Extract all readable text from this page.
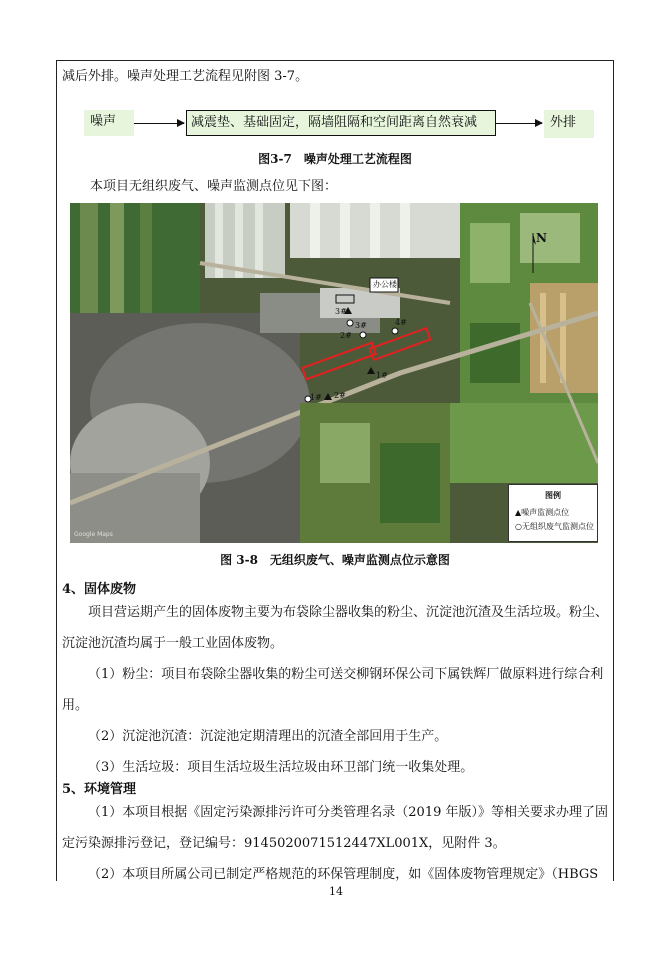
减后外排。噪声处理工艺流程见附图 3-7。
噪声	减震垫、基础固定，隔墙阻隔和空间距离自然衰减	外排
图3-7　噪声处理工艺流程图
本项目无组织废气、噪声监测点位见下图：
办公楼
N
1#
2#
3#
4#
3#
2#
1#
Google Maps
图例
▲噪声监测点位
○无组织废气监测点位
图 3-8　无组织废气、噪声监测点位示意图
4、固体废物
项目营运期产生的固体废物主要为布袋除尘器收集的粉尘、沉淀池沉渣及生活垃圾。粉尘、沉淀池沉渣均属于一般工业固体废物。
（1）粉尘：项目布袋除尘器收集的粉尘可送交柳钢环保公司下属铁辉厂做原料进行综合利用。
（2）沉淀池沉渣：沉淀池定期清理出的沉渣全部回用于生产。
（3）生活垃圾：项目生活垃圾生活垃圾由环卫部门统一收集处理。
5、环境管理
（1）本项目根据《固定污染源排污许可分类管理名录（2019 年版）》等相关要求办理了固定污染源排污登记，登记编号：9145020071512447XL001X，见附件 3。
（2）本项目所属公司已制定严格规范的环保管理制度，如《固体废物管理规定》（HBGS
14
